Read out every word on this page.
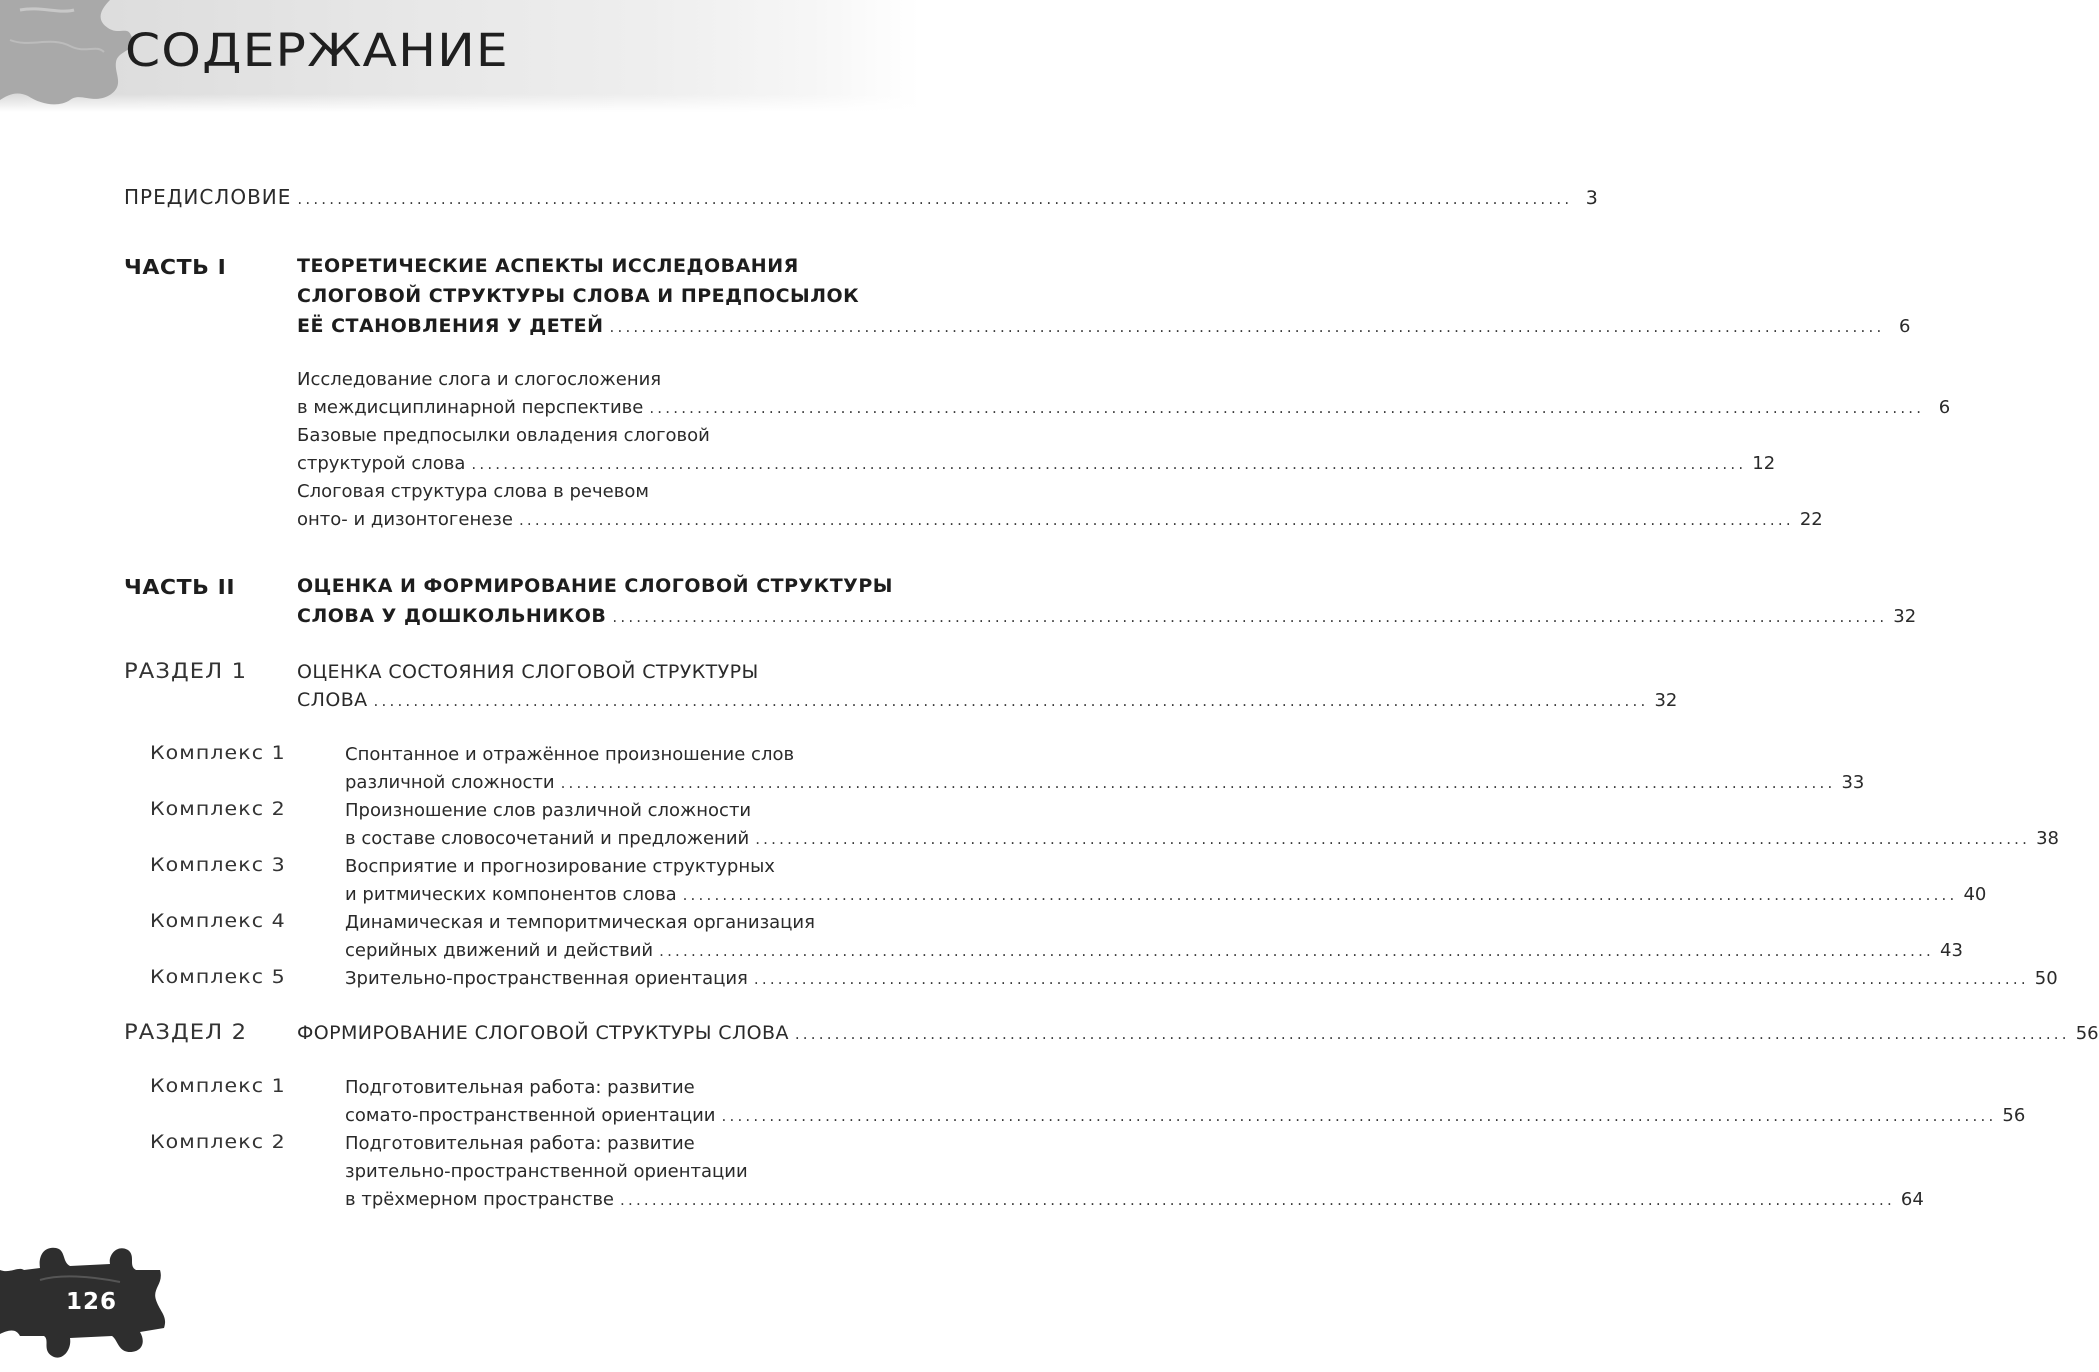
СОДЕРЖАНИЕ
ПРЕДИСЛОВИЕ ................................................................................................................................................................ 3
ЧАСТЬ I	ТЕОРЕТИЧЕСКИЕ АСПЕКТЫ ИССЛЕДОВАНИЯ
СЛОГОВОЙ СТРУКТУРЫ СЛОВА И ПРЕДПОСЫЛОК
ЕЁ СТАНОВЛЕНИЯ У ДЕТЕЙ ................................................................................................................................................................ 6
Исследование слога и слогосложения
в междисциплинарной перспективе ................................................................................................................................................................ 6
Базовые предпосылки овладения слоговой
структурой слова ................................................................................................................................................................ 12
Слоговая структура слова в речевом
онто- и дизонтогенезе ................................................................................................................................................................ 22
ЧАСТЬ II	ОЦЕНКА И ФОРМИРОВАНИЕ СЛОГОВОЙ СТРУКТУРЫ
СЛОВА У ДОШКОЛЬНИКОВ ................................................................................................................................................................ 32
РАЗДЕЛ 1	ОЦЕНКА СОСТОЯНИЯ СЛОГОВОЙ СТРУКТУРЫ
СЛОВА ................................................................................................................................................................ 32
Комплекс 1	Спонтанное и отражённое произношение слов
различной сложности ................................................................................................................................................................ 33
Комплекс 2	Произношение слов различной сложности
в составе словосочетаний и предложений ................................................................................................................................................................ 38
Комплекс 3	Восприятие и прогнозирование структурных
и ритмических компонентов слова ................................................................................................................................................................ 40
Комплекс 4	Динамическая и темпоритмическая организация
серийных движений и действий ................................................................................................................................................................ 43
Комплекс 5	Зрительно-пространственная ориентация ................................................................................................................................................................ 50
РАЗДЕЛ 2	ФОРМИРОВАНИЕ СЛОГОВОЙ СТРУКТУРЫ СЛОВА ................................................................................................................................................................ 56
Комплекс 1	Подготовительная работа: развитие
сомато-пространственной ориентации ................................................................................................................................................................ 56
Комплекс 2	Подготовительная работа: развитие
зрительно-пространственной ориентации
в трёхмерном пространстве ................................................................................................................................................................ 64
126
